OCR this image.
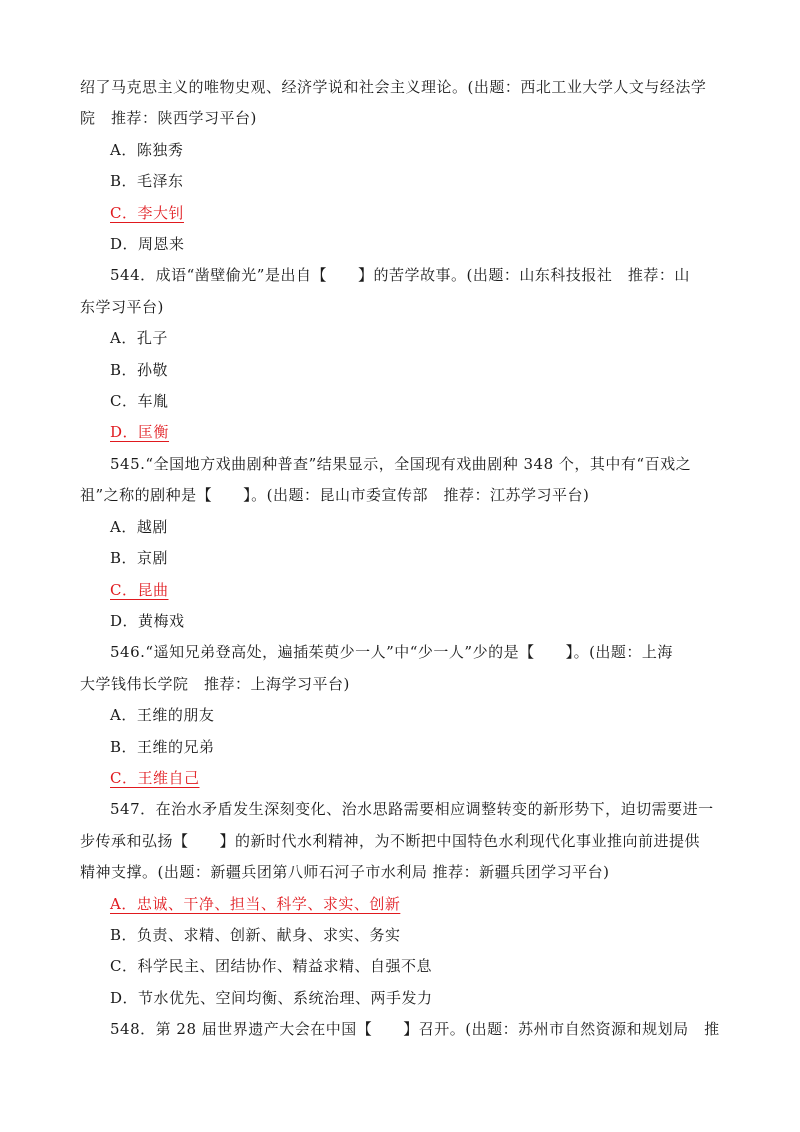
绍了马克思主义的唯物史观、经济学说和社会主义理论。(出题：西北工业大学人文与经法学
院　推荐：陕西学习平台)
A．陈独秀
B．毛泽东
C．李大钊
D．周恩来
544．成语“凿壁偷光”是出自【　　】的苦学故事。(出题：山东科技报社　推荐：山
东学习平台)
A．孔子
B．孙敬
C．车胤
D．匡衡
545.“全国地方戏曲剧种普查”结果显示，全国现有戏曲剧种 348 个，其中有“百戏之
祖”之称的剧种是【　　】。(出题：昆山市委宣传部　推荐：江苏学习平台)
A．越剧
B．京剧
C．昆曲
D．黄梅戏
546.“遥知兄弟登高处，遍插茱萸少一人”中“少一人”少的是【　　】。(出题：上海
大学钱伟长学院　推荐：上海学习平台)
A．王维的朋友
B．王维的兄弟
C．王维自己
547．在治水矛盾发生深刻变化、治水思路需要相应调整转变的新形势下，迫切需要进一
步传承和弘扬【　　】的新时代水利精神，为不断把中国特色水利现代化事业推向前进提供
精神支撑。(出题：新疆兵团第八师石河子市水利局 推荐：新疆兵团学习平台)
A．忠诚、干净、担当、科学、求实、创新
B．负责、求精、创新、献身、求实、务实
C．科学民主、团结协作、精益求精、自强不息
D．节水优先、空间均衡、系统治理、两手发力
548．第 28 届世界遗产大会在中国【　　】召开。(出题：苏州市自然资源和规划局　推
